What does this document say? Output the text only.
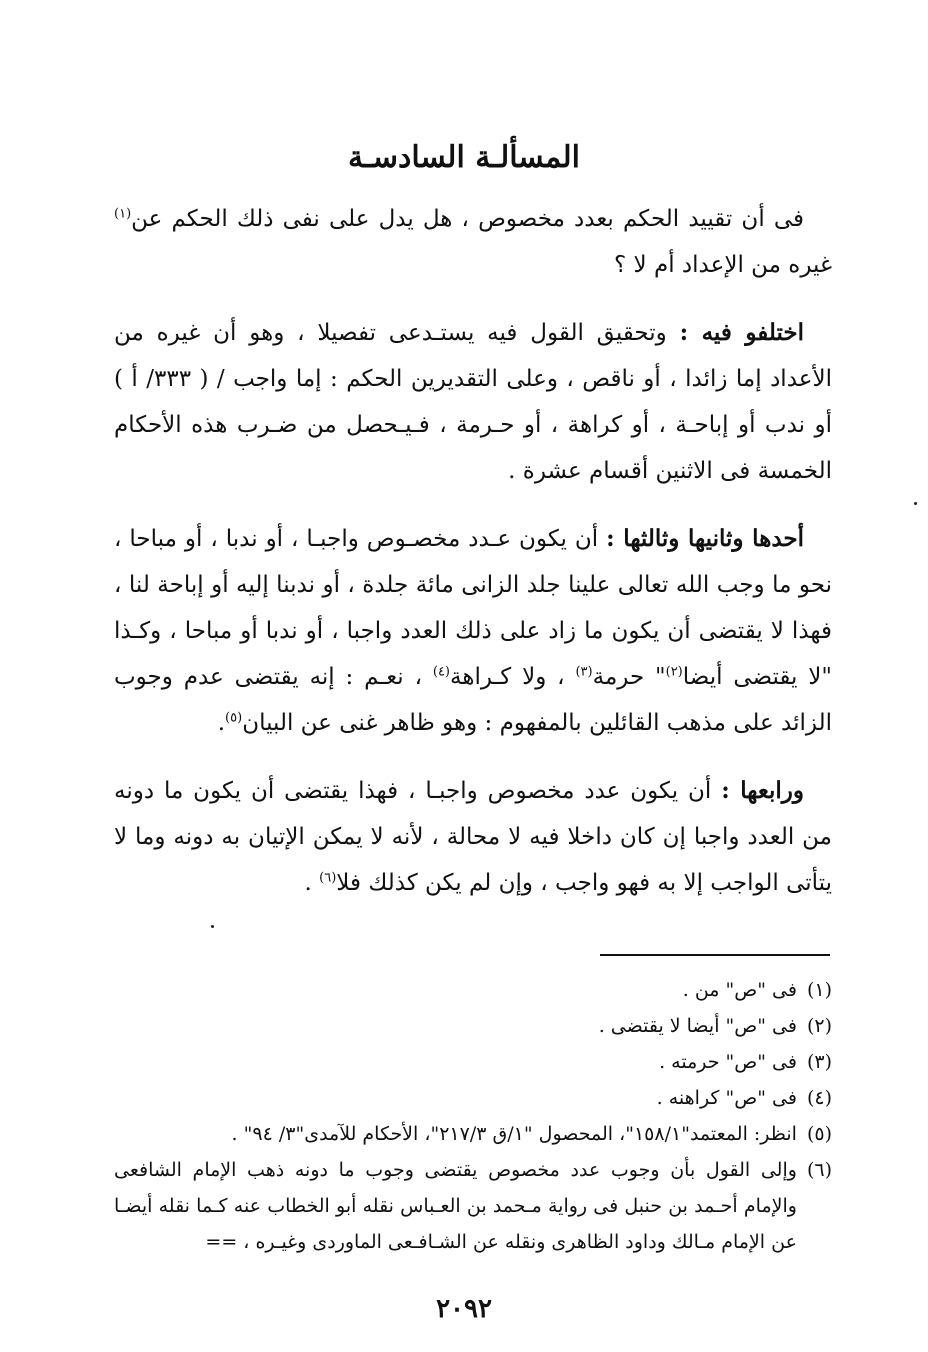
المسألـة السادسـة

فى أن تقييد الحكم بعدد مخصوص ، هل يدل على نفى ذلك الحكم عن$^{(١)}$ غيره من الإعداد أم لا ؟

اختلفو فيه : وتحقيق القول فيه يستـدعى تفصيلا ، وهو أن غيره من الأعداد إما زائدا ، أو ناقص ، وعلى التقديرين الحكم : إما واجب / ( ٣٣٣/ أ ) أو ندب أو إباحـة ، أو كراهة ، أو حـرمة ، فـيـحصل من ضـرب هذه الأحكام الخمسة فى الاثنين أقسام عشرة .

أحدها وثانيها وثالثها : أن يكون عـدد مخصـوص واجبـا ، أو ندبا ، أو مباحا ، نحو ما وجب الله تعالى علينا جلد الزانى مائة جلدة ، أو ندبنا إليه أو إباحة لنا ، فهذا لا يقتضى أن يكون ما زاد على ذلك العدد واجبا ، أو ندبا أو مباحا ، وكـذا "لا يقتضى أيضا$^{(٢)}$" حرمة$^{(٣)}$ ، ولا كـراهة$^{(٤)}$ ، نعـم : إنه يقتضى عدم وجوب الزائد على مذهب القائلين بالمفهوم : وهو ظاهر غنى عن البيان$^{(٥)}$.

ورابعها : أن يكون عدد مخصوص واجبـا ، فهذا يقتضى أن يكون ما دونه من العدد واجبا إن كان داخلا فيه لا محالة ، لأنه لا يمكن الإتيان به دونه وما لا يتأتى الواجب إلا به فهو واجب ، وإن لم يكن كذلك فلا$^{(٦)}$ .

(١)
فى "ص" من .
(٢)
فى "ص" أيضا لا يقتضى .
(٣)
فى "ص" حرمته .
(٤)
فى "ص" كراهنه .
(٥)
انظر: المعتمد"١٥٨/١"، المحصول "١/ق ٢١٧/٣"، الأحكام للآمدى"٣/ ٩٤" .
(٦)
وإلى القول بأن وجوب عدد مخصوص يقتضى وجوب ما دونه ذهب الإمام الشافعى والإمام أحـمد بن حنبل فى رواية مـحمد بن العـباس نقله أبو الخطاب عنه كـما نقله أيضـا عن الإمام مـالك وداود الظاهرى ونقله عن الشـافـعى الماوردى وغيـره ، ==
٢٠٩٢
